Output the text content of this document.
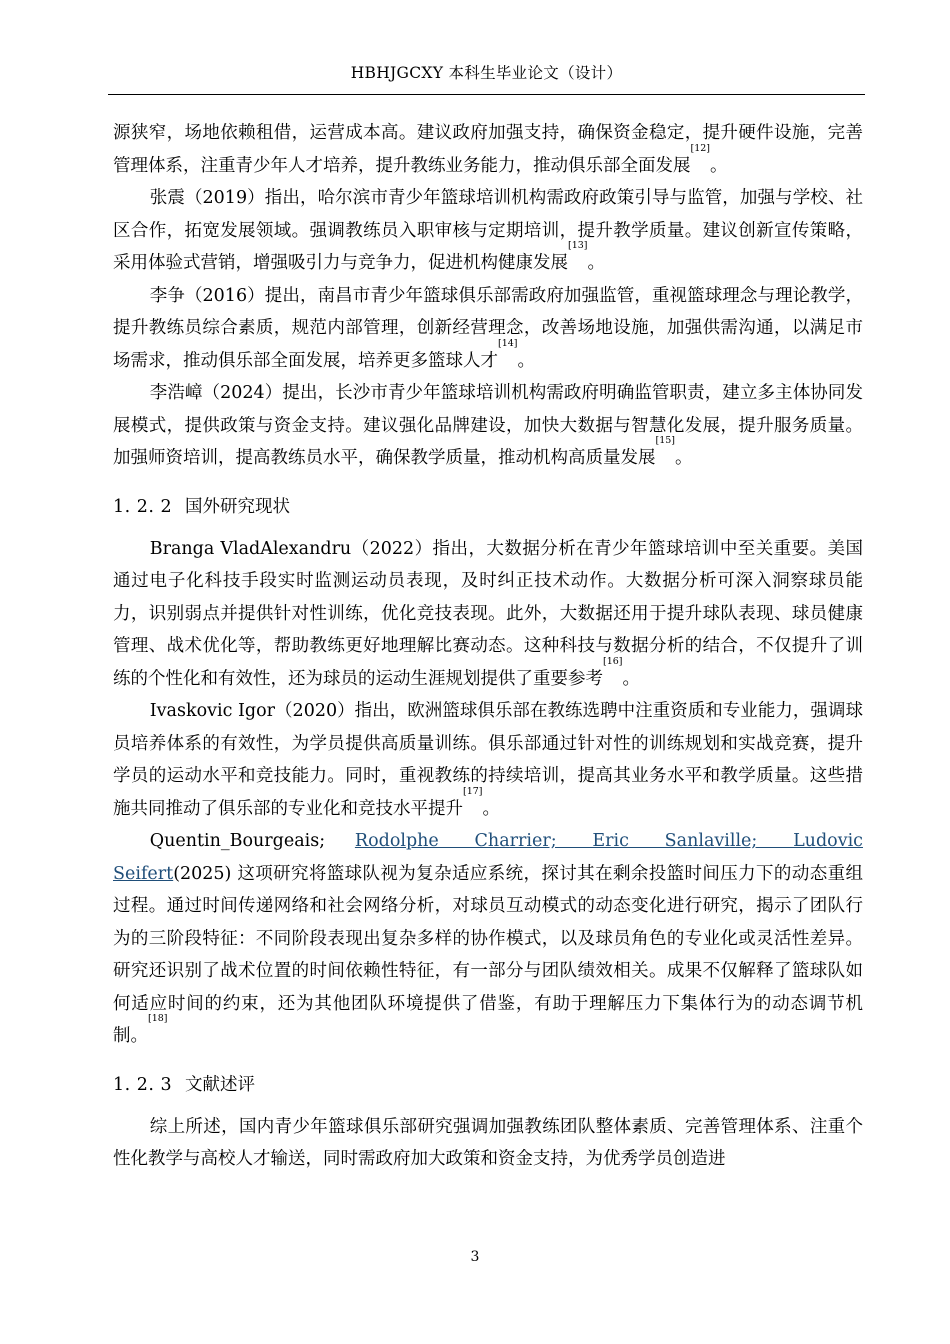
HBHJGCXY 本科生毕业论文（设计）

源狭窄，场地依赖租借，运营成本高。建议政府加强支持，确保资金稳定，提升硬件设施，完善管理体系，注重青少年人才培养，提升教练业务能力，推动俱乐部全面发展[12]。

张震（2019）指出，哈尔滨市青少年篮球培训机构需政府政策引导与监管，加强与学校、社区合作，拓宽发展领域。强调教练员入职审核与定期培训，提升教学质量。建议创新宣传策略，采用体验式营销，增强吸引力与竞争力，促进机构健康发展[13]。

李争（2016）提出，南昌市青少年篮球俱乐部需政府加强监管，重视篮球理念与理论教学，提升教练员综合素质，规范内部管理，创新经营理念，改善场地设施，加强供需沟通，以满足市场需求，推动俱乐部全面发展，培养更多篮球人才[14]。

李浩嶂（2024）提出，长沙市青少年篮球培训机构需政府明确监管职责，建立多主体协同发展模式，提供政策与资金支持。建议强化品牌建设，加快大数据与智慧化发展，提升服务质量。加强师资培训，提高教练员水平，确保教学质量，推动机构高质量发展[15]。

1. 2. 2 国外研究现状

Branga VladAlexandru（2022）指出，大数据分析在青少年篮球培训中至关重要。美国通过电子化科技手段实时监测运动员表现，及时纠正技术动作。大数据分析可深入洞察球员能力，识别弱点并提供针对性训练，优化竞技表现。此外，大数据还用于提升球队表现、球员健康管理、战术优化等，帮助教练更好地理解比赛动态。这种科技与数据分析的结合，不仅提升了训练的个性化和有效性，还为球员的运动生涯规划提供了重要参考[16]。

Ivaskovic Igor（2020）指出，欧洲篮球俱乐部在教练选聘中注重资质和专业能力，强调球员培养体系的有效性，为学员提供高质量训练。俱乐部通过针对性的训练规划和实战竞赛，提升学员的运动水平和竞技能力。同时，重视教练的持续培训，提高其业务水平和教学质量。这些措施共同推动了俱乐部的专业化和竞技水平提升[17]。

Quentin_Bourgeais; Rodolphe Charrier; Eric Sanlaville; Ludovic Seifert(2025) 这项研究将篮球队视为复杂适应系统，探讨其在剩余投篮时间压力下的动态重组过程。通过时间传递网络和社会网络分析，对球员互动模式的动态变化进行研究，揭示了团队行为的三阶段特征：不同阶段表现出复杂多样的协作模式，以及球员角色的专业化或灵活性差异。研究还识别了战术位置的时间依赖性特征，有一部分与团队绩效相关。成果不仅解释了篮球队如何适应时间的约束，还为其他团队环境提供了借鉴，有助于理解压力下集体行为的动态调节机制。[18]

1. 2. 3 文献述评

综上所述，国内青少年篮球俱乐部研究强调加强教练团队整体素质、完善管理体系、注重个性化教学与高校人才输送，同时需政府加大政策和资金支持，为优秀学员创造进

3
